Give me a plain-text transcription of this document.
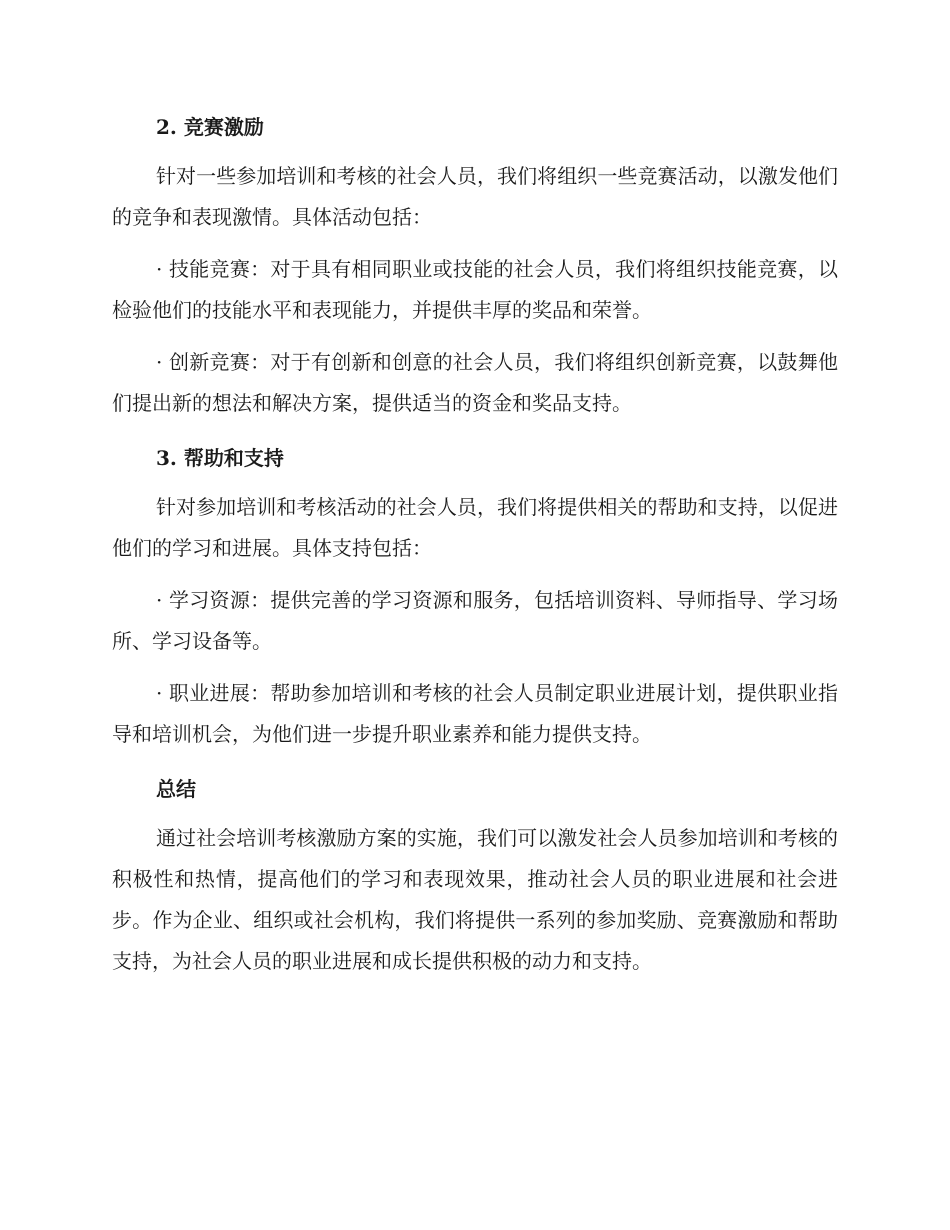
2. 竞赛激励

针对一些参加培训和考核的社会人员，我们将组织一些竞赛活动，以激发他们的竞争和表现激情。具体活动包括：

· 技能竞赛：对于具有相同职业或技能的社会人员，我们将组织技能竞赛，以检验他们的技能水平和表现能力，并提供丰厚的奖品和荣誉。

· 创新竞赛：对于有创新和创意的社会人员，我们将组织创新竞赛，以鼓舞他们提出新的想法和解决方案，提供适当的资金和奖品支持。

3. 帮助和支持

针对参加培训和考核活动的社会人员，我们将提供相关的帮助和支持，以促进他们的学习和进展。具体支持包括：

· 学习资源：提供完善的学习资源和服务，包括培训资料、导师指导、学习场所、学习设备等。

· 职业进展：帮助参加培训和考核的社会人员制定职业进展计划，提供职业指导和培训机会，为他们进一步提升职业素养和能力提供支持。

总结

通过社会培训考核激励方案的实施，我们可以激发社会人员参加培训和考核的积极性和热情，提高他们的学习和表现效果，推动社会人员的职业进展和社会进步。作为企业、组织或社会机构，我们将提供一系列的参加奖励、竞赛激励和帮助支持，为社会人员的职业进展和成长提供积极的动力和支持。
